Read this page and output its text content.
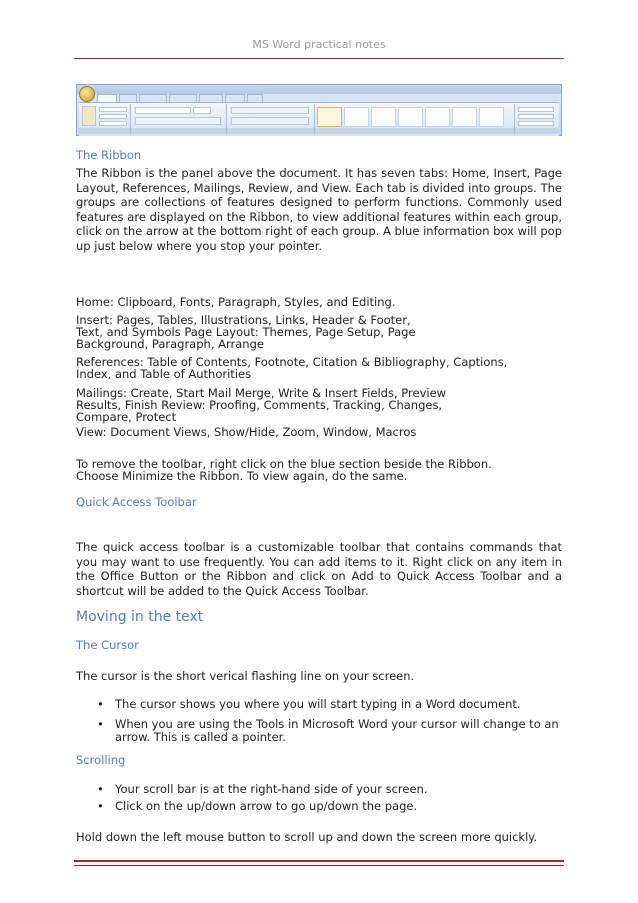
MS Word practical notes
The Ribbon
The Ribbon is the panel above the document. It has seven tabs: Home, Insert, Page Layout, References, Mailings, Review, and View. Each tab is divided into groups. The groups are collections of features designed to perform functions. Commonly used features are displayed on the Ribbon, to view additional features within each group, click on the arrow at the bottom right of each group. A blue information box will pop up just below where you stop your pointer.
Home: Clipboard, Fonts, Paragraph, Styles, and Editing.
Insert: Pages, Tables, Illustrations, Links, Header & Footer,
Text, and Symbols Page Layout: Themes, Page Setup, Page
Background, Paragraph, Arrange
References: Table of Contents, Footnote, Citation & Bibliography, Captions,
Index, and Table of Authorities
Mailings: Create, Start Mail Merge, Write & Insert Fields, Preview
Results, Finish Review: Proofing, Comments, Tracking, Changes,
Compare, Protect
View: Document Views, Show/Hide, Zoom, Window, Macros
To remove the toolbar, right click on the blue section beside the Ribbon.
Choose Minimize the Ribbon. To view again, do the same.
Quick Access Toolbar
The quick access toolbar is a customizable toolbar that contains commands that you may want to use frequently. You can add items to it. Right click on any item in the Office Button or the Ribbon and click on Add to Quick Access Toolbar and a shortcut will be added to the Quick Access Toolbar.
Moving in the text
The Cursor
The cursor is the short verical flashing line on your screen.
• The cursor shows you where you will start typing in a Word document.
• When you are using the Tools in Microsoft Word your cursor will change to an arrow. This is called a pointer.
Scrolling
• Your scroll bar is at the right-hand side of your screen.
• Click on the up/down arrow to go up/down the page.
Hold down the left mouse button to scroll up and down the screen more quickly.
